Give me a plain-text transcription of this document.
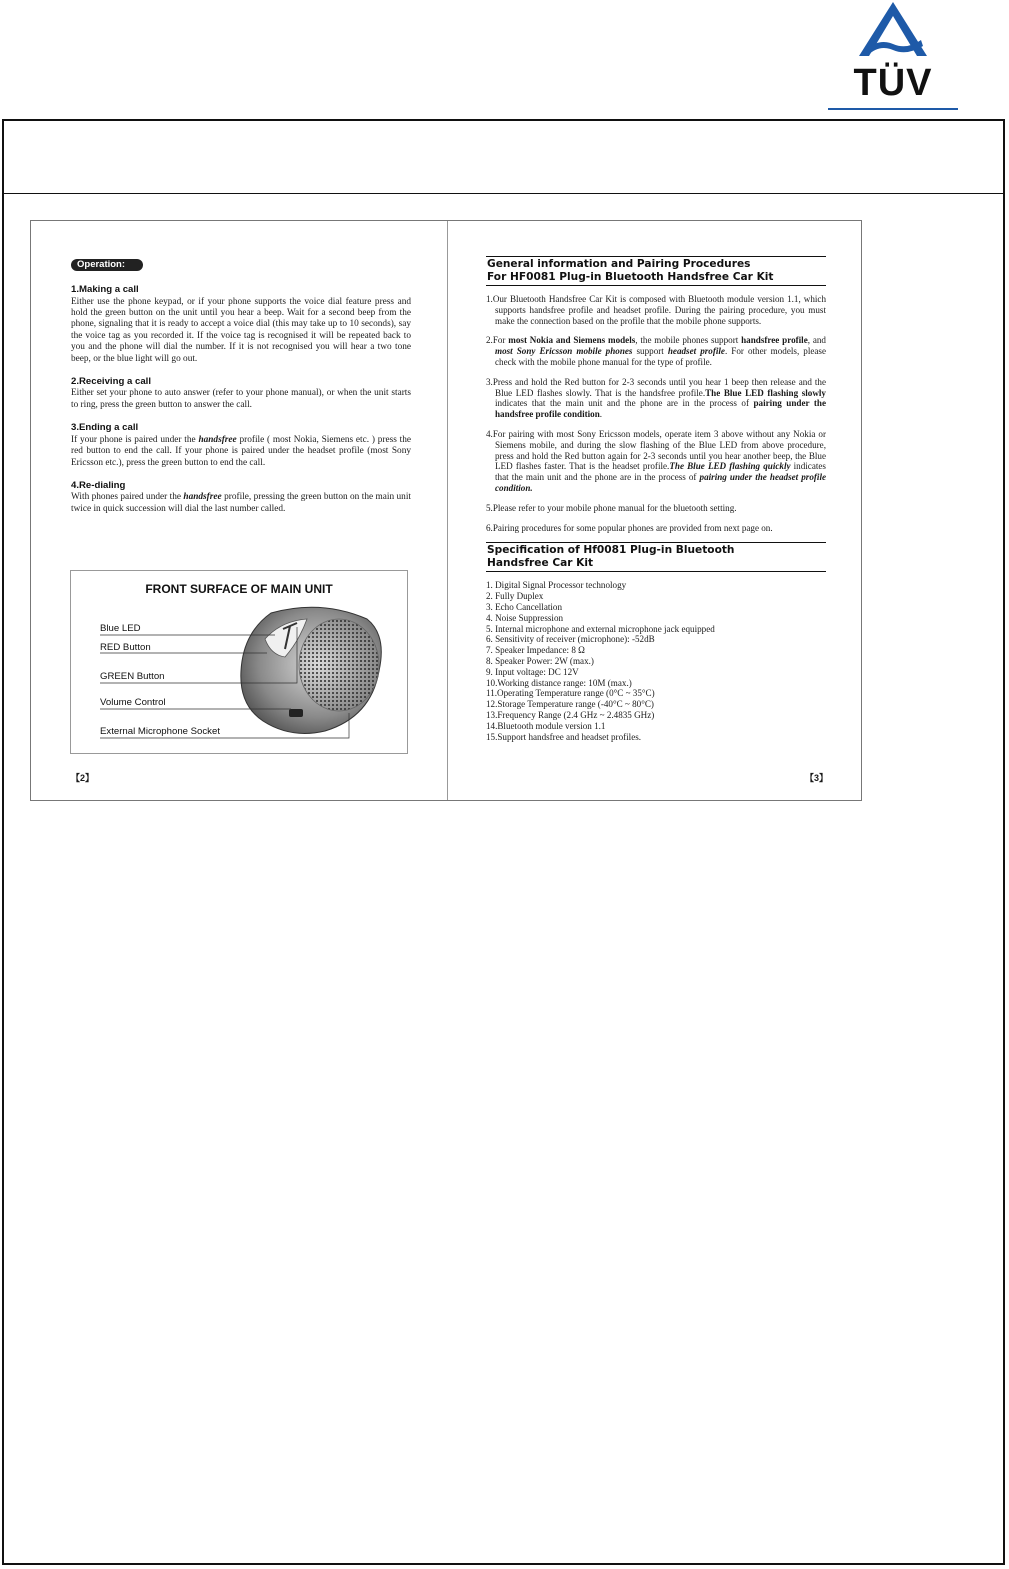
TÜV
Operation:
1.Making a call

Either use the phone keypad, or if your phone supports the voice dial feature press and hold the green button on the unit until you hear a beep. Wait for a second beep from the phone, signaling that it is ready to accept a voice dial (this may take up to 10 seconds), say the voice tag as you recorded it. If the voice tag is recognised it will be repeated back to you and the phone will dial the number. If it is not recognised you will hear a two tone beep, or the blue light will go out.

2.Receiving a call

Either set your phone to auto answer (refer to your phone manual), or when the unit starts to ring, press the green button to answer the call.

3.Ending a call

If your phone is paired under the handsfree profile ( most Nokia, Siemens etc. ) press the red button to end the call. If your phone is paired under the headset profile (most Sony Ericsson etc.), press the green button to end the call.

4.Re-dialing

With phones paired under the handsfree profile, pressing the green button on the main unit twice in quick succession will dial the last number called.

FRONT SURFACE OF MAIN UNIT
Blue LED
RED Button
GREEN Button
Volume Control
External Microphone Socket
【2】
General information and Pairing Procedures
For HF0081 Plug-in Bluetooth Handsfree Car Kit

1.Our Bluetooth Handsfree Car Kit is composed with Bluetooth module version 1.1, which supports handsfree profile and headset profile. During the pairing procedure, you must make the connection based on the profile that the mobile phone supports.

2.For most Nokia and Siemens models, the mobile phones support handsfree profile, and most Sony Ericsson mobile phones support headset profile. For other models, please check with the mobile phone manual for the type of profile.

3.Press and hold the Red button for 2-3 seconds until you hear 1 beep then release and the Blue LED flashes slowly. That is the handsfree profile.The Blue LED flashing slowly indicates that the main unit and the phone are in the process of pairing under the handsfree profile condition.

4.For pairing with most Sony Ericsson models, operate item 3 above without any Nokia or Siemens mobile, and during the slow flashing of the Blue LED from above procedure, press and hold the Red button again for 2-3 seconds until you hear another beep, the Blue LED flashes faster. That is the headset profile.The Blue LED flashing quickly indicates that the main unit and the phone are in the process of pairing under the headset profile condition.

5.Please refer to your mobile phone manual for the bluetooth setting.

6.Pairing procedures for some popular phones are provided from next page on.

Specification of Hf0081 Plug-in Bluetooth
Handsfree Car Kit
1. Digital Signal Processor technology
2. Fully Duplex
3. Echo Cancellation
4. Noise Suppression
5. Internal microphone and external microphone jack equipped
6. Sensitivity of receiver (microphone): -52dB
7. Speaker Impedance: 8 Ω
8. Speaker Power: 2W (max.)
9. Input voltage: DC 12V
10.Working distance range: 10M (max.)
11.Operating Temperature range (0°C ~ 35°C)
12.Storage Temperature range (-40°C ~ 80°C)
13.Frequency Range (2.4 GHz ~ 2.4835 GHz)
14.Bluetooth module version 1.1
15.Support handsfree and headset profiles.
【3】
